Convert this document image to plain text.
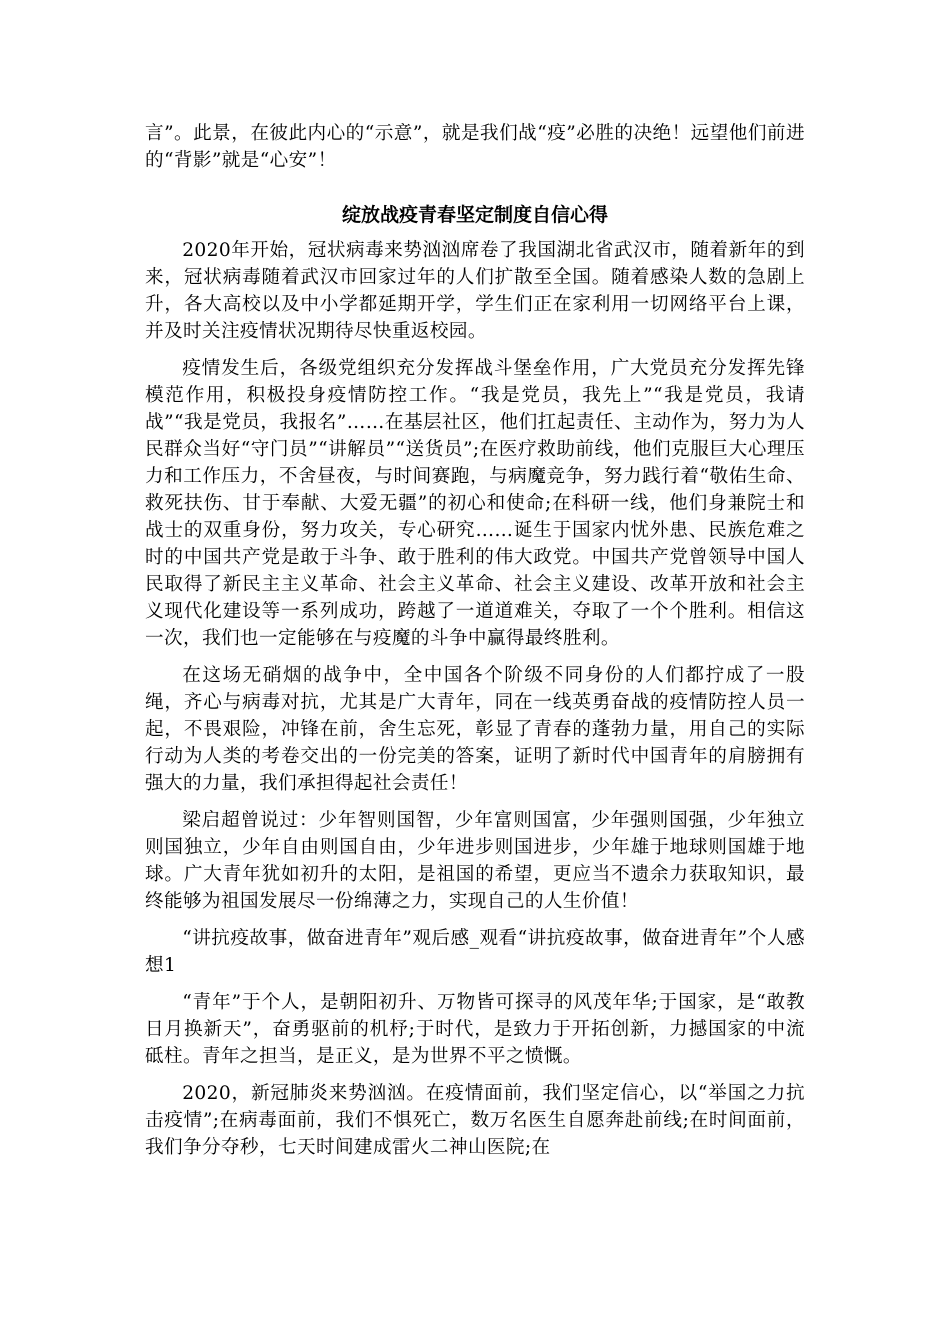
言”。此景，在彼此内心的“示意”，就是我们战“疫”必胜的决绝！远望他们前进的“背影”就是“心安”！

绽放战疫青春坚定制度自信心得

2020年开始，冠状病毒来势汹汹席卷了我国湖北省武汉市，随着新年的到来，冠状病毒随着武汉市回家过年的人们扩散至全国。随着感染人数的急剧上升，各大高校以及中小学都延期开学，学生们正在家利用一切网络平台上课，并及时关注疫情状况期待尽快重返校园。

疫情发生后，各级党组织充分发挥战斗堡垒作用，广大党员充分发挥先锋模范作用，积极投身疫情防控工作。“我是党员，我先上”“我是党员，我请战”“我是党员，我报名”……在基层社区，他们扛起责任、主动作为，努力为人民群众当好“守门员”“讲解员”“送货员”;在医疗救助前线，他们克服巨大心理压力和工作压力，不舍昼夜，与时间赛跑，与病魔竞争，努力践行着“敬佑生命、救死扶伤、甘于奉献、大爱无疆”的初心和使命;在科研一线，他们身兼院士和战士的双重身份，努力攻关，专心研究……诞生于国家内忧外患、民族危难之时的中国共产党是敢于斗争、敢于胜利的伟大政党。中国共产党曾领导中国人民取得了新民主主义革命、社会主义革命、社会主义建设、改革开放和社会主义现代化建设等一系列成功，跨越了一道道难关，夺取了一个个胜利。相信这一次，我们也一定能够在与疫魔的斗争中赢得最终胜利。

在这场无硝烟的战争中，全中国各个阶级不同身份的人们都拧成了一股绳，齐心与病毒对抗，尤其是广大青年，同在一线英勇奋战的疫情防控人员一起，不畏艰险，冲锋在前，舍生忘死，彰显了青春的蓬勃力量，用自己的实际行动为人类的考卷交出的一份完美的答案，证明了新时代中国青年的肩膀拥有强大的力量，我们承担得起社会责任！

梁启超曾说过：少年智则国智，少年富则国富，少年强则国强，少年独立则国独立，少年自由则国自由，少年进步则国进步，少年雄于地球则国雄于地球。广大青年犹如初升的太阳，是祖国的希望，更应当不遗余力获取知识，最终能够为祖国发展尽一份绵薄之力，实现自己的人生价值！

“讲抗疫故事，做奋进青年”观后感_观看“讲抗疫故事，做奋进青年”个人感想1

“青年”于个人，是朝阳初升、万物皆可探寻的风茂年华;于国家，是“敢教日月换新天”，奋勇驱前的机杼;于时代，是致力于开拓创新，力撼国家的中流砥柱。青年之担当，是正义，是为世界不平之愤慨。

2020，新冠肺炎来势汹汹。在疫情面前，我们坚定信心，以“举国之力抗击疫情”;在病毒面前，我们不惧死亡，数万名医生自愿奔赴前线;在时间面前，我们争分夺秒，七天时间建成雷火二神山医院;在
